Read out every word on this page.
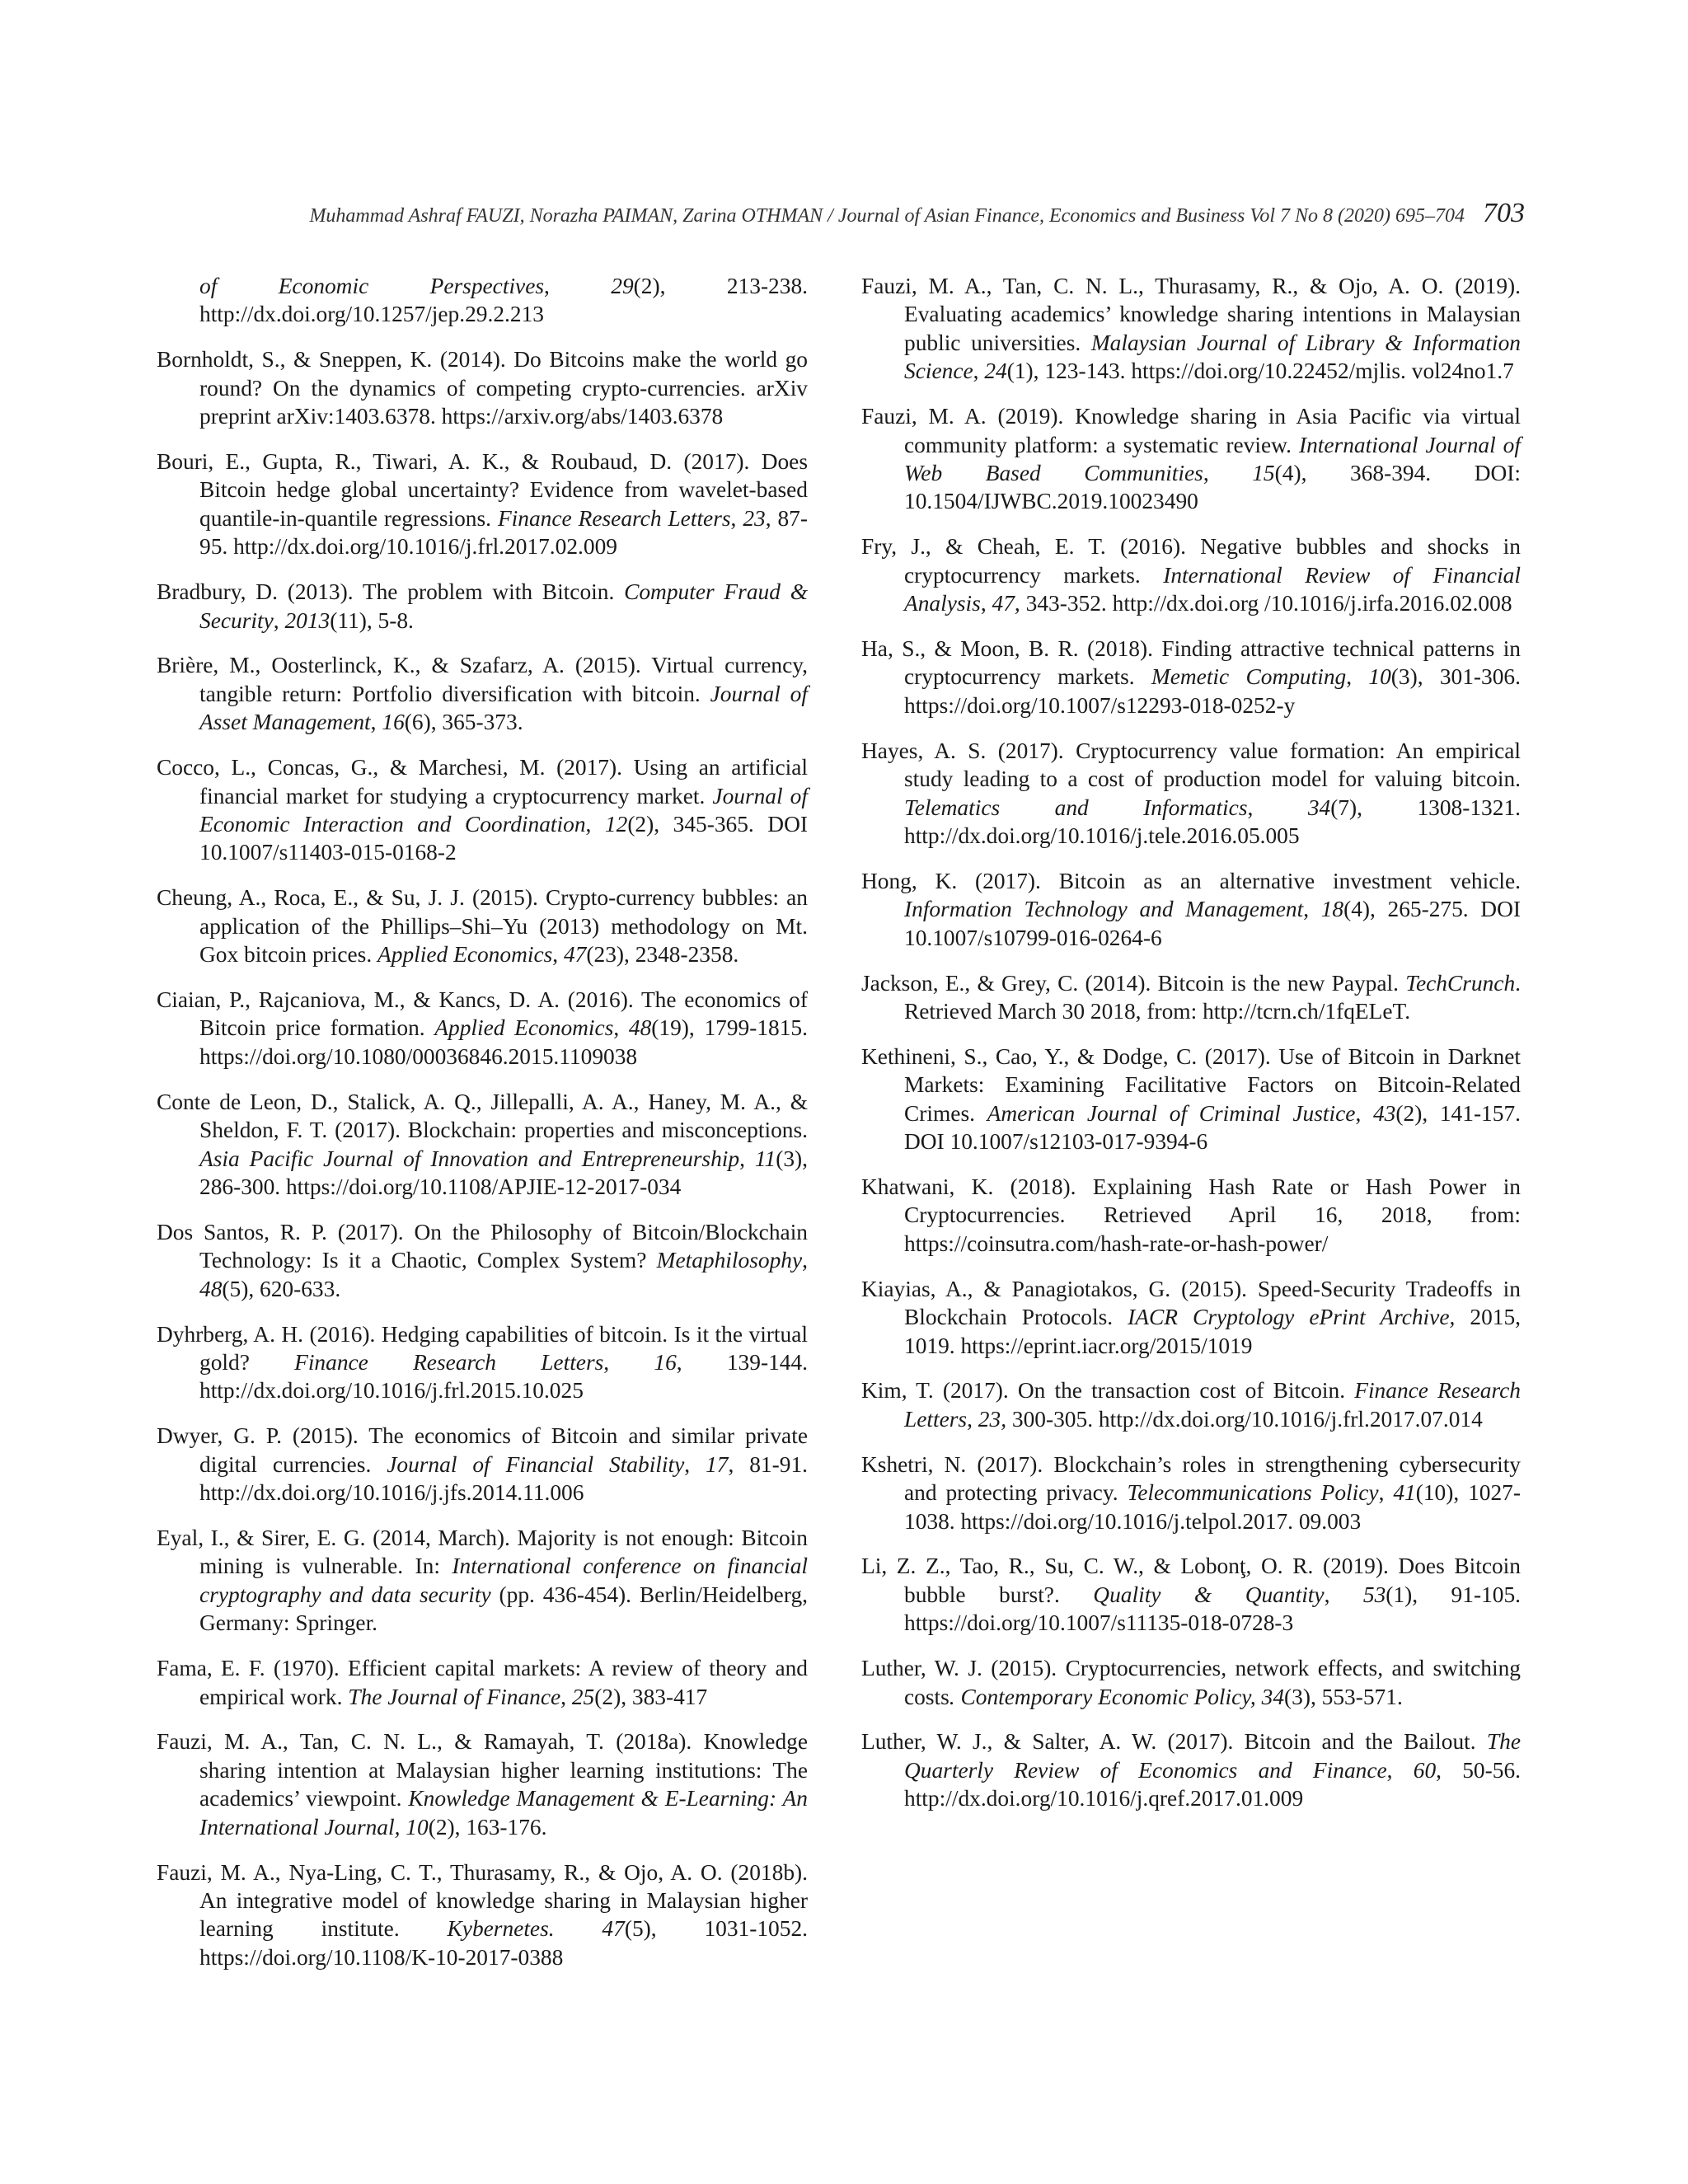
Muhammad Ashraf FAUZI, Norazha PAIMAN, Zarina OTHMAN / Journal of Asian Finance, Economics and Business Vol 7 No 8 (2020) 695–704 703

of Economic Perspectives, 29(2), 213-238. http://dx.doi.org/10.1257/jep.29.2.213

Bornholdt, S., & Sneppen, K. (2014). Do Bitcoins make the world go round? On the dynamics of competing crypto-currencies. arXiv preprint arXiv:1403.6378. https://arxiv.org/abs/1403.6378

Bouri, E., Gupta, R., Tiwari, A. K., & Roubaud, D. (2017). Does Bitcoin hedge global uncertainty? Evidence from wavelet-based quantile-in-quantile regressions. Finance Research Letters, 23, 87-95. http://dx.doi.org/10.1016/j.frl.2017.02.009

Bradbury, D. (2013). The problem with Bitcoin. Computer Fraud & Security, 2013(11), 5-8.

Brière, M., Oosterlinck, K., & Szafarz, A. (2015). Virtual currency, tangible return: Portfolio diversification with bitcoin. Journal of Asset Management, 16(6), 365-373.

Cocco, L., Concas, G., & Marchesi, M. (2017). Using an artificial financial market for studying a cryptocurrency market. Journal of Economic Interaction and Coordination, 12(2), 345-365. DOI 10.1007/s11403-015-0168-2

Cheung, A., Roca, E., & Su, J. J. (2015). Crypto-currency bubbles: an application of the Phillips–Shi–Yu (2013) methodology on Mt. Gox bitcoin prices. Applied Economics, 47(23), 2348-2358.

Ciaian, P., Rajcaniova, M., & Kancs, D. A. (2016). The economics of Bitcoin price formation. Applied Economics, 48(19), 1799-1815. https://doi.org/10.1080/00036846.2015.1109038

Conte de Leon, D., Stalick, A. Q., Jillepalli, A. A., Haney, M. A., & Sheldon, F. T. (2017). Blockchain: properties and misconceptions. Asia Pacific Journal of Innovation and Entrepreneurship, 11(3), 286-300. https://doi.org/10.1108/APJIE-12-2017-034

Dos Santos, R. P. (2017). On the Philosophy of Bitcoin/Blockchain Technology: Is it a Chaotic, Complex System? Metaphilosophy, 48(5), 620-633.

Dyhrberg, A. H. (2016). Hedging capabilities of bitcoin. Is it the virtual gold? Finance Research Letters, 16, 139-144. http://dx.doi.org/10.1016/j.frl.2015.10.025

Dwyer, G. P. (2015). The economics of Bitcoin and similar private digital currencies. Journal of Financial Stability, 17, 81-91. http://dx.doi.org/10.1016/j.jfs.2014.11.006

Eyal, I., & Sirer, E. G. (2014, March). Majority is not enough: Bitcoin mining is vulnerable. In: International conference on financial cryptography and data security (pp. 436-454). Berlin/Heidelberg, Germany: Springer.

Fama, E. F. (1970). Efficient capital markets: A review of theory and empirical work. The Journal of Finance, 25(2), 383-417

Fauzi, M. A., Tan, C. N. L., & Ramayah, T. (2018a). Knowledge sharing intention at Malaysian higher learning institutions: The academics’ viewpoint. Knowledge Management & E-Learning: An International Journal, 10(2), 163-176.

Fauzi, M. A., Nya-Ling, C. T., Thurasamy, R., & Ojo, A. O. (2018b). An integrative model of knowledge sharing in Malaysian higher learning institute. Kybernetes. 47(5), 1031-1052. https://doi.org/10.1108/K-10-2017-0388

Fauzi, M. A., Tan, C. N. L., Thurasamy, R., & Ojo, A. O. (2019). Evaluating academics’ knowledge sharing intentions in Malaysian public universities. Malaysian Journal of Library & Information Science, 24(1), 123-143. https://doi.org/10.22452/mjlis. vol24no1.7

Fauzi, M. A. (2019). Knowledge sharing in Asia Pacific via virtual community platform: a systematic review. International Journal of Web Based Communities, 15(4), 368-394. DOI: 10.1504/IJWBC.2019.10023490

Fry, J., & Cheah, E. T. (2016). Negative bubbles and shocks in cryptocurrency markets. International Review of Financial Analysis, 47, 343-352. http://dx.doi.org /10.1016/j.irfa.2016.02.008

Ha, S., & Moon, B. R. (2018). Finding attractive technical patterns in cryptocurrency markets. Memetic Computing, 10(3), 301-306. https://doi.org/10.1007/s12293-018-0252-y

Hayes, A. S. (2017). Cryptocurrency value formation: An empirical study leading to a cost of production model for valuing bitcoin. Telematics and Informatics, 34(7), 1308-1321. http://dx.doi.org/10.1016/j.tele.2016.05.005

Hong, K. (2017). Bitcoin as an alternative investment vehicle. Information Technology and Management, 18(4), 265-275. DOI 10.1007/s10799-016-0264-6

Jackson, E., & Grey, C. (2014). Bitcoin is the new Paypal. TechCrunch. Retrieved March 30 2018, from: http://tcrn.ch/1fqELeT.

Kethineni, S., Cao, Y., & Dodge, C. (2017). Use of Bitcoin in Darknet Markets: Examining Facilitative Factors on Bitcoin-Related Crimes. American Journal of Criminal Justice, 43(2), 141-157. DOI 10.1007/s12103-017-9394-6

Khatwani, K. (2018). Explaining Hash Rate or Hash Power in Cryptocurrencies. Retrieved April 16, 2018, from: https://coinsutra.com/hash-rate-or-hash-power/

Kiayias, A., & Panagiotakos, G. (2015). Speed-Security Tradeoffs in Blockchain Protocols. IACR Cryptology ePrint Archive, 2015, 1019. https://eprint.iacr.org/2015/1019

Kim, T. (2017). On the transaction cost of Bitcoin. Finance Research Letters, 23, 300-305. http://dx.doi.org/10.1016/j.frl.2017.07.014

Kshetri, N. (2017). Blockchain’s roles in strengthening cybersecurity and protecting privacy. Telecommunications Policy, 41(10), 1027-1038. https://doi.org/10.1016/j.telpol.2017. 09.003

Li, Z. Z., Tao, R., Su, C. W., & Lobonţ, O. R. (2019). Does Bitcoin bubble burst?. Quality & Quantity, 53(1), 91-105. https://doi.org/10.1007/s11135-018-0728-3

Luther, W. J. (2015). Cryptocurrencies, network effects, and switching costs. Contemporary Economic Policy, 34(3), 553-571.

Luther, W. J., & Salter, A. W. (2017). Bitcoin and the Bailout. The Quarterly Review of Economics and Finance, 60, 50-56. http://dx.doi.org/10.1016/j.qref.2017.01.009
